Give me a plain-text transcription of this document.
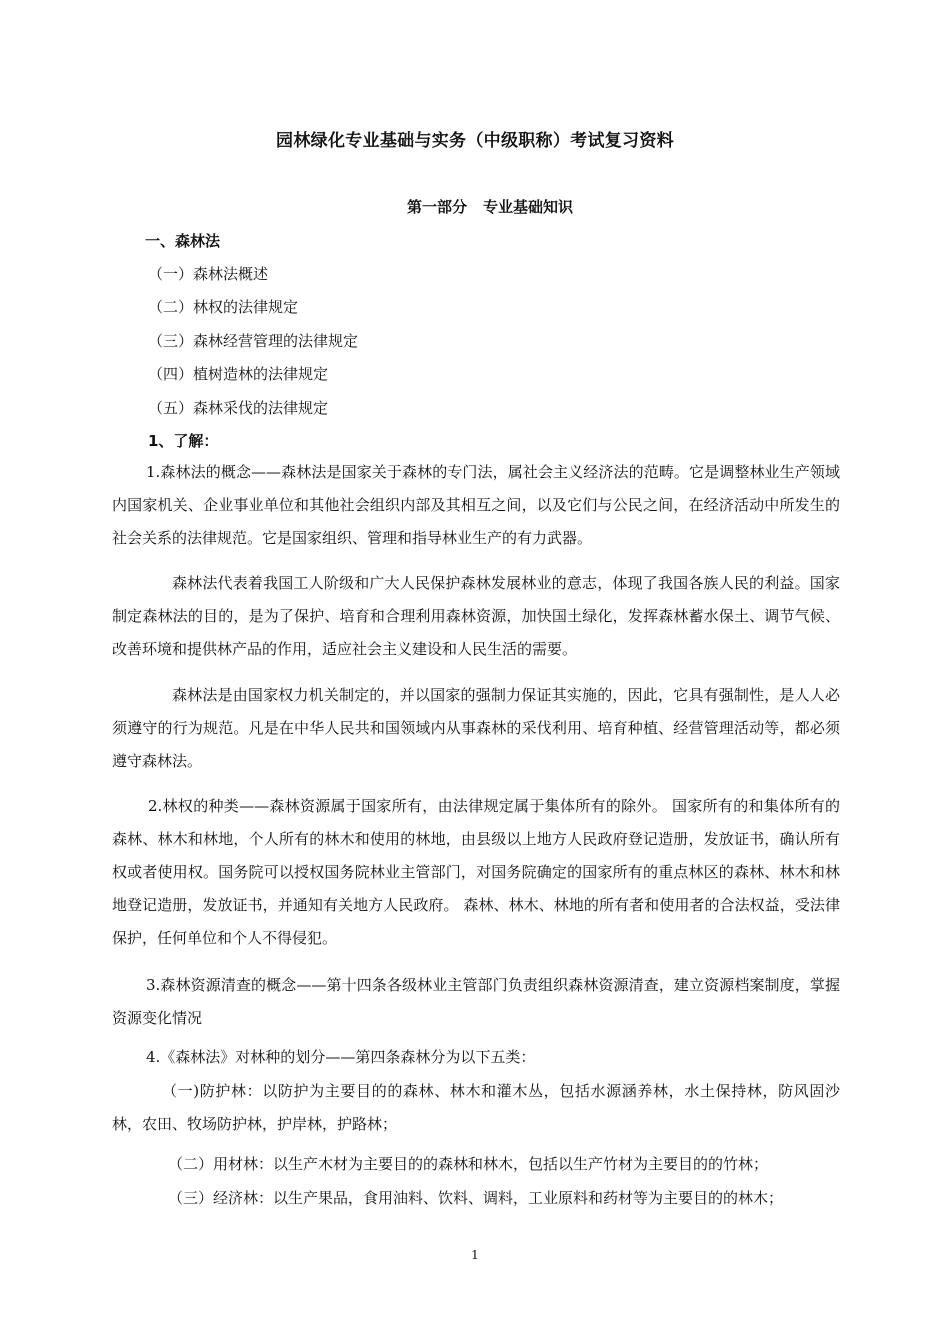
园林绿化专业基础与实务（中级职称）考试复习资料
第一部分 专业基础知识
一、森林法
（一）森林法概述
（二）林权的法律规定
（三）森林经营管理的法律规定
（四）植树造林的法律规定
（五）森林采伐的法律规定
1、了解：

1.森林法的概念——森林法是国家关于森林的专门法，属社会主义经济法的范畴。它是调整林业生产领域内国家机关、企业事业单位和其他社会组织内部及其相互之间，以及它们与公民之间，在经济活动中所发生的社会关系的法律规范。它是国家组织、管理和指导林业生产的有力武器。

森林法代表着我国工人阶级和广大人民保护森林发展林业的意志，体现了我国各族人民的利益。国家制定森林法的目的，是为了保护、培育和合理利用森林资源，加快国土绿化，发挥森林蓄水保土、调节气候、改善环境和提供林产品的作用，适应社会主义建设和人民生活的需要。

森林法是由国家权力机关制定的，并以国家的强制力保证其实施的，因此，它具有强制性，是人人必须遵守的行为规范。凡是在中华人民共和国领域内从事森林的采伐利用、培育种植、经营管理活动等，都必须遵守森林法。

2.林权的种类——森林资源属于国家所有，由法律规定属于集体所有的除外。 国家所有的和集体所有的森林、林木和林地，个人所有的林木和使用的林地，由县级以上地方人民政府登记造册，发放证书，确认所有权或者使用权。国务院可以授权国务院林业主管部门，对国务院确定的国家所有的重点林区的森林、林木和林地登记造册，发放证书，并通知有关地方人民政府。 森林、林木、林地的所有者和使用者的合法权益，受法律保护，任何单位和个人不得侵犯。

3.森林资源清查的概念——第十四条各级林业主管部门负责组织森林资源清查，建立资源档案制度，掌握资源变化情况

4.《森林法》对林种的划分——第四条森林分为以下五类：

（一)防护林：以防护为主要目的的森林、林木和灌木丛，包括水源涵养林，水土保持林，防风固沙林，农田、牧场防护林，护岸林，护路林；

（二）用材林：以生产木材为主要目的的森林和林木，包括以生产竹材为主要目的的竹林；

（三）经济林：以生产果品，食用油料、饮料、调料，工业原料和药材等为主要目的的林木；

1
